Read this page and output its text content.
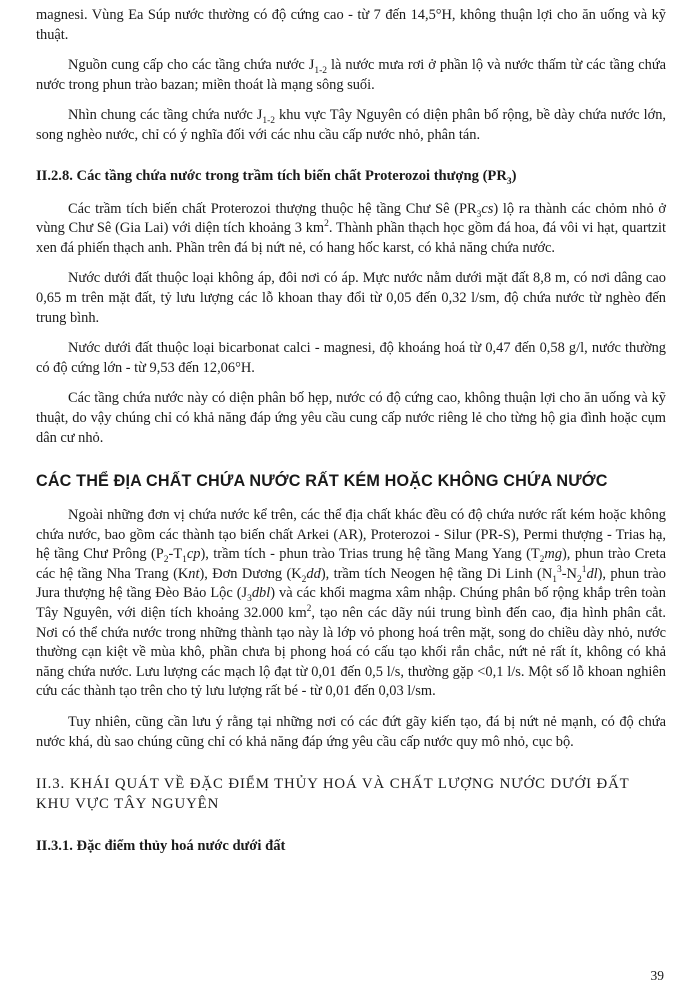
magnesi. Vùng Ea Súp nước thường có độ cứng cao - từ 7 đến 14,5°H, không thuận lợi cho ăn uống và kỹ thuật.

Nguồn cung cấp cho các tầng chứa nước $J_{1-2}$ là nước mưa rơi ở phần lộ và nước thấm từ các tầng chứa nước trong phun trào bazan; miền thoát là mạng sông suối.

Nhìn chung các tầng chứa nước $J_{1-2}$ khu vực Tây Nguyên có diện phân bố rộng, bề dày chứa nước lớn, song nghèo nước, chỉ có ý nghĩa đối với các nhu cầu cấp nước nhỏ, phân tán.

II.2.8. Các tầng chứa nước trong trầm tích biến chất Proterozoi thượng $(PR_3)$

Các trầm tích biến chất Proterozoi thượng thuộc hệ tầng Chư Sê $(PR_3cs)$ lộ ra thành các chỏm nhỏ ở vùng Chư Sê (Gia Lai) với diện tích khoảng 3 $km^2$. Thành phần thạch học gồm đá hoa, đá vôi vi hạt, quartzit xen đá phiến thạch anh. Phần trên đá bị nứt nẻ, có hang hốc karst, có khả năng chứa nước.

Nước dưới đất thuộc loại không áp, đôi nơi có áp. Mực nước nằm dưới mặt đất 8,8 m, có nơi dâng cao 0,65 m trên mặt đất, tỷ lưu lượng các lỗ khoan thay đổi từ 0,05 đến 0,32 l/sm, độ chứa nước từ nghèo đến trung bình.

Nước dưới đất thuộc loại bicarbonat calci - magnesi, độ khoáng hoá từ 0,47 đến 0,58 g/l, nước thường có độ cứng lớn - từ 9,53 đến 12,06°H.

Các tầng chứa nước này có diện phân bố hẹp, nước có độ cứng cao, không thuận lợi cho ăn uống và kỹ thuật, do vậy chúng chỉ có khả năng đáp ứng yêu cầu cung cấp nước riêng lẻ cho từng hộ gia đình hoặc cụm dân cư nhỏ.

CÁC THỂ ĐỊA CHẤT CHỨA NƯỚC RẤT KÉM HOẶC KHÔNG CHỨA NƯỚC

Ngoài những đơn vị chứa nước kể trên, các thể địa chất khác đều có độ chứa nước rất kém hoặc không chứa nước, bao gồm các thành tạo biến chất Arkei (AR), Proterozoi - Silur (PR-S), Permi thượng - Trias hạ, hệ tầng Chư Prông $(P_2-T_1cp)$, trầm tích - phun trào Trias trung hệ tầng Mang Yang $(T_2mg)$, phun trào Creta các hệ tầng Nha Trang (Knt), Đơn Dương $(K_2dd)$, trầm tích Neogen hệ tầng Di Linh $(N_1^3-N_2^1dl)$, phun trào Jura thượng hệ tầng Đèo Bảo Lộc $(J_3dbl)$ và các khối magma xâm nhập. Chúng phân bố rộng khắp trên toàn Tây Nguyên, với diện tích khoảng 32.000 $km^2$, tạo nên các dãy núi trung bình đến cao, địa hình phân cắt. Nơi có thể chứa nước trong những thành tạo này là lớp vỏ phong hoá trên mặt, song do chiều dày nhỏ, nước thường cạn kiệt về mùa khô, phần chưa bị phong hoá có cấu tạo khối rắn chắc, nứt nẻ rất ít, không có khả năng chứa nước. Lưu lượng các mạch lộ đạt từ 0,01 đến 0,5 l/s, thường gặp <0,1 l/s. Một số lỗ khoan nghiên cứu các thành tạo trên cho tỷ lưu lượng rất bé - từ 0,01 đến 0,03 l/sm.

Tuy nhiên, cũng cần lưu ý rằng tại những nơi có các đứt gãy kiến tạo, đá bị nứt nẻ mạnh, có độ chứa nước khá, dù sao chúng cũng chỉ có khả năng đáp ứng yêu cầu cấp nước quy mô nhỏ, cục bộ.

II.3. KHÁI QUÁT VỀ ĐẶC ĐIỂM THỦY HOÁ VÀ CHẤT LƯỢNG NƯỚC DƯỚI ĐẤT KHU VỰC TÂY NGUYÊN
II.3.1. Đặc điểm thủy hoá nước dưới đất
39
